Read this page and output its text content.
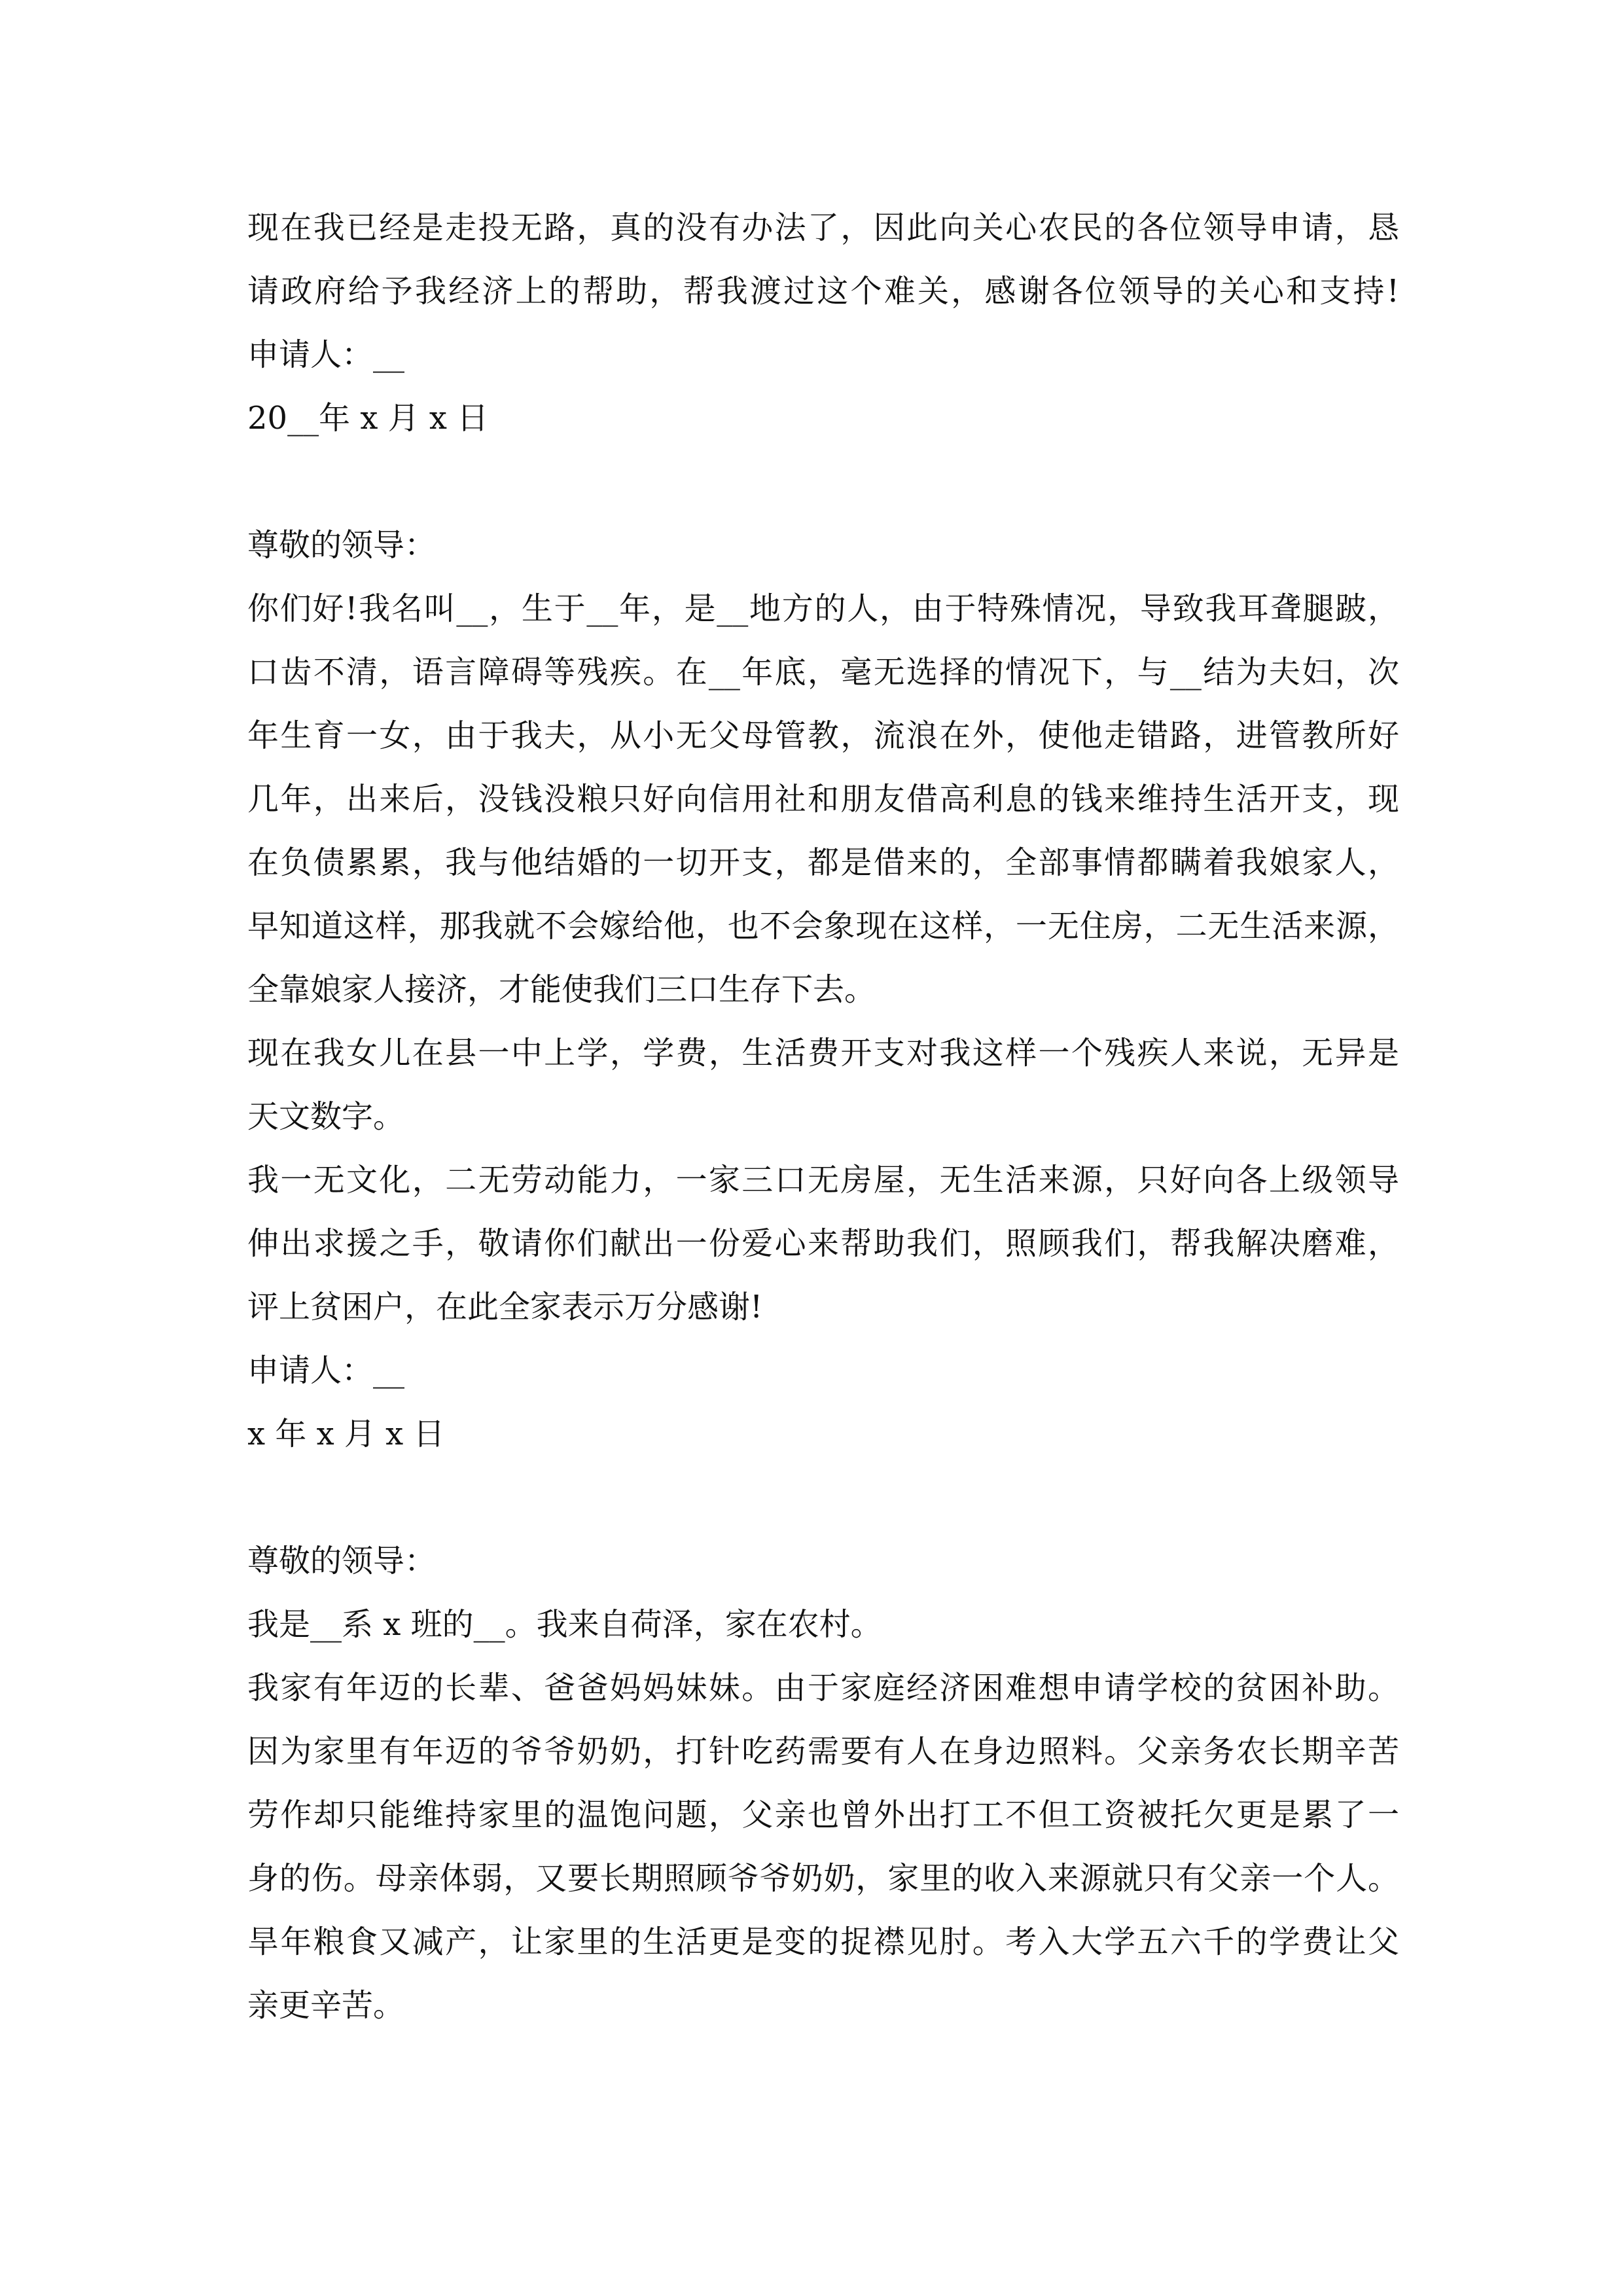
现在我已经是走投无路，真的没有办法了，因此向关心农民的各位领导申请，恳
请政府给予我经济上的帮助，帮我渡过这个难关，感谢各位领导的关心和支持!
申请人：__
20__年 x 月 x 日
尊敬的领导：
你们好!我名叫__，生于__年，是__地方的人，由于特殊情况，导致我耳聋腿跛，
口齿不清，语言障碍等残疾。在__年底，毫无选择的情况下，与__结为夫妇，次
年生育一女，由于我夫，从小无父母管教，流浪在外，使他走错路，进管教所好
几年，出来后，没钱没粮只好向信用社和朋友借高利息的钱来维持生活开支，现
在负债累累，我与他结婚的一切开支，都是借来的，全部事情都瞒着我娘家人，
早知道这样，那我就不会嫁给他，也不会象现在这样，一无住房，二无生活来源，
全靠娘家人接济，才能使我们三口生存下去。
现在我女儿在县一中上学，学费，生活费开支对我这样一个残疾人来说，无异是
天文数字。
我一无文化，二无劳动能力，一家三口无房屋，无生活来源，只好向各上级领导
伸出求援之手，敬请你们献出一份爱心来帮助我们，照顾我们，帮我解决磨难，
评上贫困户，在此全家表示万分感谢!
申请人：__
x 年 x 月 x 日
尊敬的领导：
我是__系 x 班的__。我来自荷泽，家在农村。
我家有年迈的长辈、爸爸妈妈妹妹。由于家庭经济困难想申请学校的贫困补助。
因为家里有年迈的爷爷奶奶，打针吃药需要有人在身边照料。父亲务农长期辛苦
劳作却只能维持家里的温饱问题，父亲也曾外出打工不但工资被托欠更是累了一
身的伤。母亲体弱，又要长期照顾爷爷奶奶，家里的收入来源就只有父亲一个人。
旱年粮食又减产，让家里的生活更是变的捉襟见肘。考入大学五六千的学费让父
亲更辛苦。
